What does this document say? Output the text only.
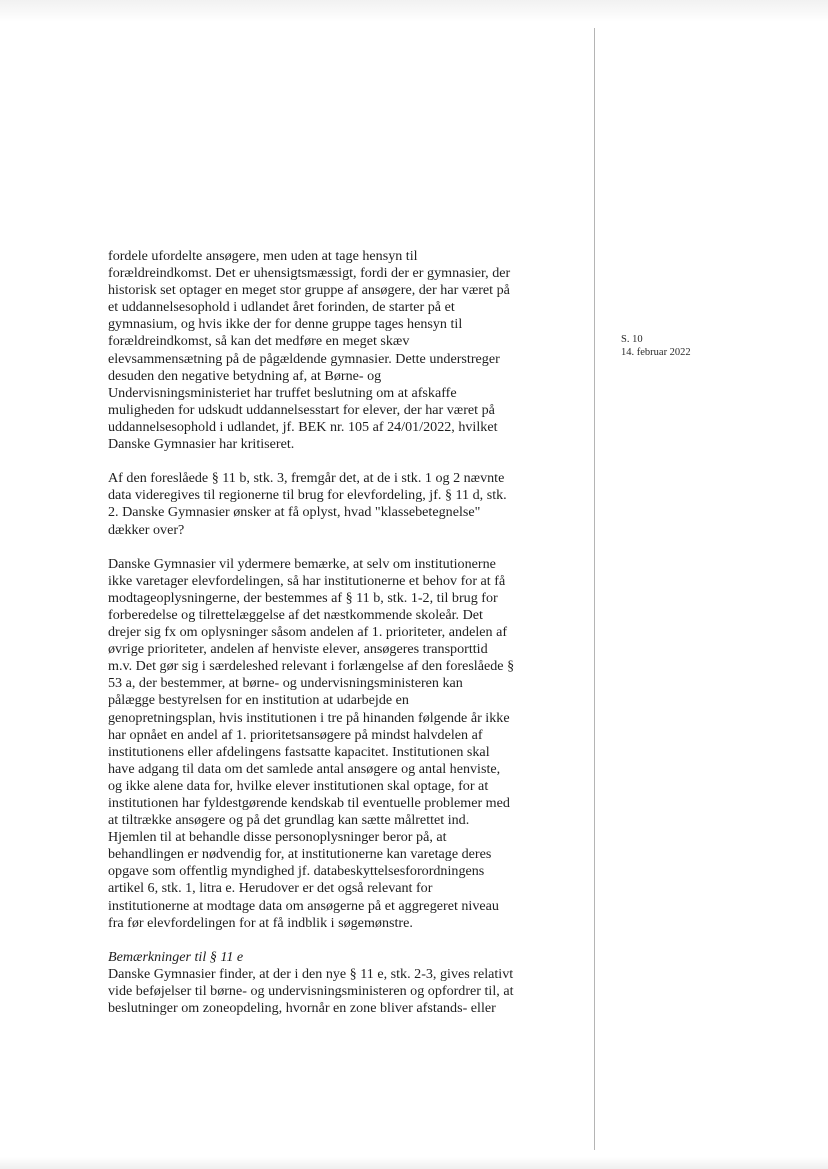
S. 10
14. februar 2022
fordele ufordelte ansøgere, men uden at tage hensyn til
forældreindkomst. Det er uhensigtsmæssigt, fordi der er gymnasier, der
historisk set optager en meget stor gruppe af ansøgere, der har været på
et uddannelsesophold i udlandet året forinden, de starter på et
gymnasium, og hvis ikke der for denne gruppe tages hensyn til
forældreindkomst, så kan det medføre en meget skæv
elevsammensætning på de pågældende gymnasier. Dette understreger
desuden den negative betydning af, at Børne- og
Undervisningsministeriet har truffet beslutning om at afskaffe
muligheden for udskudt uddannelsesstart for elever, der har været på
uddannelsesophold i udlandet, jf. BEK nr. 105 af 24/01/2022, hvilket
Danske Gymnasier har kritiseret.
Af den foreslåede § 11 b, stk. 3, fremgår det, at de i stk. 1 og 2 nævnte
data videregives til regionerne til brug for elevfordeling, jf. § 11 d, stk.
2. Danske Gymnasier ønsker at få oplyst, hvad "klassebetegnelse"
dækker over?
Danske Gymnasier vil ydermere bemærke, at selv om institutionerne
ikke varetager elevfordelingen, så har institutionerne et behov for at få
modtageoplysningerne, der bestemmes af § 11 b, stk. 1-2, til brug for
forberedelse og tilrettelæggelse af det næstkommende skoleår. Det
drejer sig fx om oplysninger såsom andelen af 1. prioriteter, andelen af
øvrige prioriteter, andelen af henviste elever, ansøgeres transporttid
m.v. Det gør sig i særdeleshed relevant i forlængelse af den foreslåede §
53 a, der bestemmer, at børne- og undervisningsministeren kan
pålægge bestyrelsen for en institution at udarbejde en
genopretningsplan, hvis institutionen i tre på hinanden følgende år ikke
har opnået en andel af 1. prioritetsansøgere på mindst halvdelen af
institutionens eller afdelingens fastsatte kapacitet. Institutionen skal
have adgang til data om det samlede antal ansøgere og antal henviste,
og ikke alene data for, hvilke elever institutionen skal optage, for at
institutionen har fyldestgørende kendskab til eventuelle problemer med
at tiltrække ansøgere og på det grundlag kan sætte målrettet ind.
Hjemlen til at behandle disse personoplysninger beror på, at
behandlingen er nødvendig for, at institutionerne kan varetage deres
opgave som offentlig myndighed jf. databeskyttelsesforordningens
artikel 6, stk. 1, litra e. Herudover er det også relevant for
institutionerne at modtage data om ansøgerne på et aggregeret niveau
fra før elevfordelingen for at få indblik i søgemønstre.
Bemærkninger til § 11 e
Danske Gymnasier finder, at der i den nye § 11 e, stk. 2-3, gives relativt
vide beføjelser til børne- og undervisningsministeren og opfordrer til, at
beslutninger om zoneopdeling, hvornår en zone bliver afstands- eller
